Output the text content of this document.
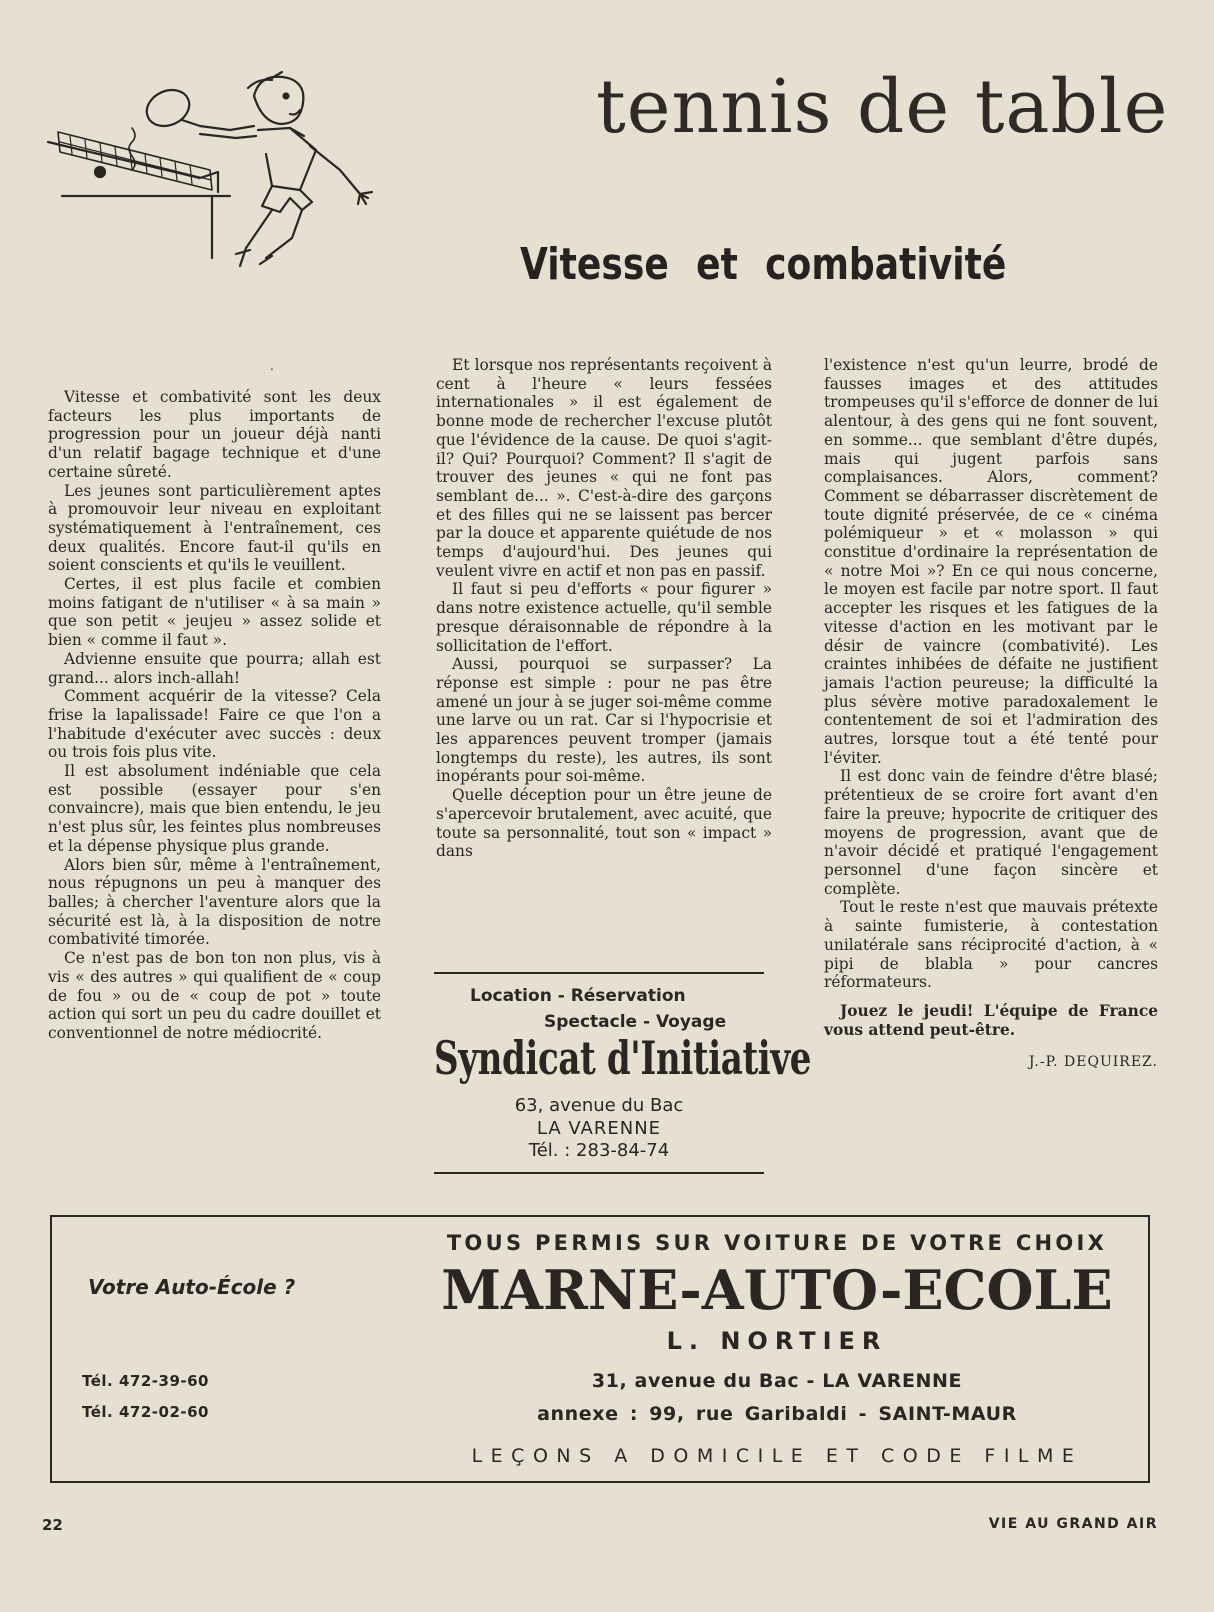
tennis de table
Vitesse et combativité
.

Vitesse et combativité sont les deux facteurs les plus importants de progression pour un joueur déjà nanti d'un relatif bagage technique et d'une certaine sûreté.

Les jeunes sont particulièrement aptes à promouvoir leur niveau en exploitant systématiquement à l'entraînement, ces deux qualités. Encore faut-il qu'ils en soient conscients et qu'ils le veuillent.

Certes, il est plus facile et combien moins fatigant de n'utiliser « à sa main » que son petit « jeujeu » assez solide et bien « comme il faut ».

Advienne ensuite que pourra; allah est grand... alors inch-allah!

Comment acquérir de la vitesse? Cela frise la lapalissade! Faire ce que l'on a l'habitude d'exécuter avec succès : deux ou trois fois plus vite.

Il est absolument indéniable que cela est possible (essayer pour s'en convaincre), mais que bien entendu, le jeu n'est plus sûr, les feintes plus nombreuses et la dépense physique plus grande.

Alors bien sûr, même à l'entraînement, nous répugnons un peu à manquer des balles; à chercher l'aventure alors que la sécurité est là, à la disposition de notre combativité timorée.

Ce n'est pas de bon ton non plus, vis à vis « des autres » qui qualifient de « coup de fou » ou de « coup de pot » toute action qui sort un peu du cadre douillet et conventionnel de notre médiocrité.

Et lorsque nos représentants reçoivent à cent à l'heure « leurs fessées internationales » il est également de bonne mode de rechercher l'excuse plutôt que l'évidence de la cause. De quoi s'agit-il? Qui? Pourquoi? Comment? Il s'agit de trouver des jeunes « qui ne font pas semblant de... ». C'est-à-dire des garçons et des filles qui ne se laissent pas bercer par la douce et apparente quiétude de nos temps d'aujourd'hui. Des jeunes qui veulent vivre en actif et non pas en passif.

Il faut si peu d'efforts « pour figurer » dans notre existence actuelle, qu'il semble presque déraisonnable de répondre à la sollicitation de l'effort.

Aussi, pourquoi se surpasser? La réponse est simple : pour ne pas être amené un jour à se juger soi-même comme une larve ou un rat. Car si l'hypocrisie et les apparences peuvent tromper (jamais longtemps du reste), les autres, ils sont inopérants pour soi-même.

Quelle déception pour un être jeune de s'apercevoir brutalement, avec acuité, que toute sa personnalité, tout son « impact » dans

l'existence n'est qu'un leurre, brodé de fausses images et des attitudes trompeuses qu'il s'efforce de donner de lui alentour, à des gens qui ne font souvent, en somme... que semblant d'être dupés, mais qui jugent parfois sans complaisances. Alors, comment? Comment se débarrasser discrètement de toute dignité préservée, de ce « cinéma polémiqueur » et « molasson » qui constitue d'ordinaire la représentation de « notre Moi »? En ce qui nous concerne, le moyen est facile par notre sport. Il faut accepter les risques et les fatigues de la vitesse d'action en les motivant par le désir de vaincre (combativité). Les craintes inhibées de défaite ne justifient jamais l'action peureuse; la difficulté la plus sévère motive paradoxalement le contentement de soi et l'admiration des autres, lorsque tout a été tenté pour l'éviter.

Il est donc vain de feindre d'être blasé; prétentieux de se croire fort avant d'en faire la preuve; hypocrite de critiquer des moyens de progression, avant que de n'avoir décidé et pratiqué l'engagement personnel d'une façon sincère et complète.

Tout le reste n'est que mauvais prétexte à sainte fumisterie, à contestation unilatérale sans réciprocité d'action, à « pipi de blabla » pour cancres réformateurs.

Jouez le jeudi! L'équipe de France vous attend peut-être.

J.-P. DEQUIREZ.
Location - Réservation
Spectacle - Voyage
Syndicat d'Initiative
63, avenue du Bac
LA VARENNE
Tél. : 283-84-74
Votre Auto-École ?
Tél. 472-39-60
Tél. 472-02-60
TOUS PERMIS SUR VOITURE DE VOTRE CHOIX
MARNE-AUTO-ECOLE
L. NORTIER
31, avenue du Bac - LA VARENNE
annexe : 99, rue Garibaldi - SAINT-MAUR
LEÇONS A DOMICILE ET CODE FILME
22	VIE AU GRAND AIR
